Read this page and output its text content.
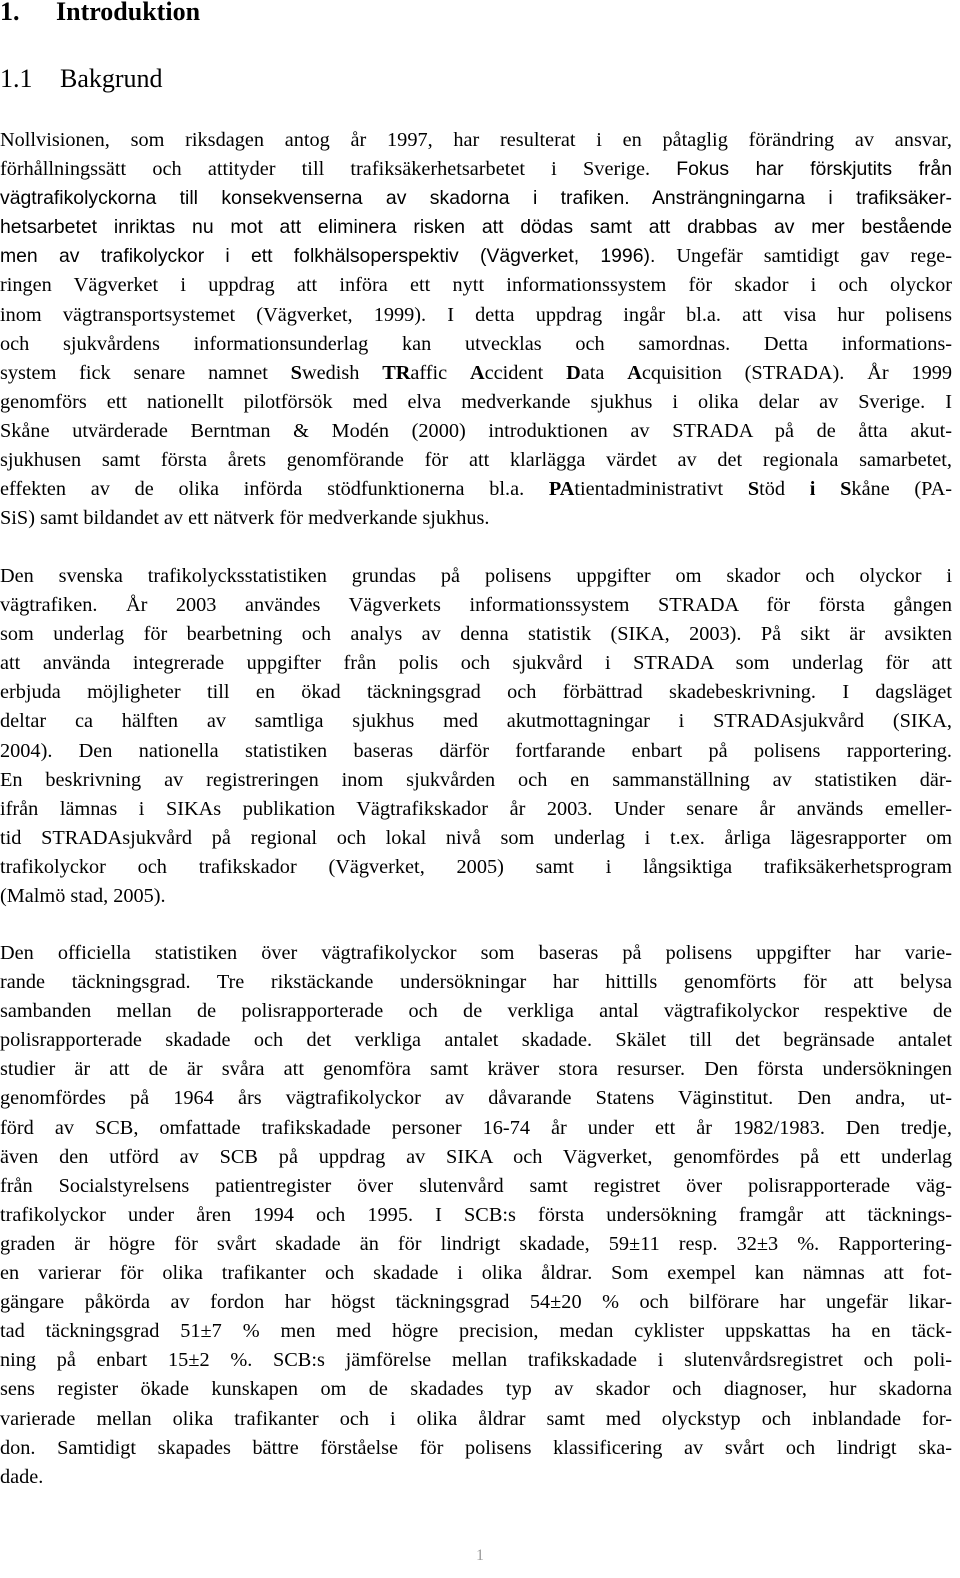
1. Introduktion
1.1 Bakgrund
Nollvisionen, som riksdagen antog år 1997, har resulterat i en påtaglig förändring av ansvar,
förhållningssätt och attityder till trafiksäkerhetsarbetet i Sverige. Fokus har förskjutits från
vägtrafikolyckorna till konsekvenserna av skadorna i trafiken. Ansträngningarna i trafiksäker-
hetsarbetet inriktas nu mot att eliminera risken att dödas samt att drabbas av mer bestående
men av trafikolyckor i ett folkhälsoperspektiv (Vägverket, 1996). Ungefär samtidigt gav rege-
ringen Vägverket i uppdrag att införa ett nytt informationssystem för skador i och olyckor
inom vägtransportsystemet (Vägverket, 1999). I detta uppdrag ingår bl.a. att visa hur polisens
och sjukvårdens informationsunderlag kan utvecklas och samordnas. Detta informations-
system fick senare namnet Swedish TRaffic Accident Data Acquisition (STRADA). År 1999
genomförs ett nationellt pilotförsök med elva medverkande sjukhus i olika delar av Sverige. I
Skåne utvärderade Berntman & Modén (2000) introduktionen av STRADA på de åtta akut-
sjukhusen samt första årets genomförande för att klarlägga värdet av det regionala samarbetet,
effekten av de olika införda stödfunktionerna bl.a. PAtientadministrativt Stöd i Skåne (PA-
SiS) samt bildandet av ett nätverk för medverkande sjukhus.
Den svenska trafikolycksstatistiken grundas på polisens uppgifter om skador och olyckor i
vägtrafiken. År 2003 användes Vägverkets informationssystem STRADA för första gången
som underlag för bearbetning och analys av denna statistik (SIKA, 2003). På sikt är avsikten
att använda integrerade uppgifter från polis och sjukvård i STRADA som underlag för att
erbjuda möjligheter till en ökad täckningsgrad och förbättrad skadebeskrivning. I dagsläget
deltar ca hälften av samtliga sjukhus med akutmottagningar i STRADAsjukvård (SIKA,
2004). Den nationella statistiken baseras därför fortfarande enbart på polisens rapportering.
En beskrivning av registreringen inom sjukvården och en sammanställning av statistiken där-
ifrån lämnas i SIKAs publikation Vägtrafikskador år 2003. Under senare år används emeller-
tid STRADAsjukvård på regional och lokal nivå som underlag i t.ex. årliga lägesrapporter om
trafikolyckor och trafikskador (Vägverket, 2005) samt i långsiktiga trafiksäkerhetsprogram
(Malmö stad, 2005).
Den officiella statistiken över vägtrafikolyckor som baseras på polisens uppgifter har varie-
rande täckningsgrad. Tre rikstäckande undersökningar har hittills genomförts för att belysa
sambanden mellan de polisrapporterade och de verkliga antal vägtrafikolyckor respektive de
polisrapporterade skadade och det verkliga antalet skadade. Skälet till det begränsade antalet
studier är att de är svåra att genomföra samt kräver stora resurser. Den första undersökningen
genomfördes på 1964 års vägtrafikolyckor av dåvarande Statens Väginstitut. Den andra, ut-
förd av SCB, omfattade trafikskadade personer 16-74 år under ett år 1982/1983. Den tredje,
även den utförd av SCB på uppdrag av SIKA och Vägverket, genomfördes på ett underlag
från Socialstyrelsens patientregister över slutenvård samt registret över polisrapporterade väg-
trafikolyckor under åren 1994 och 1995. I SCB:s första undersökning framgår att täcknings-
graden är högre för svårt skadade än för lindrigt skadade, 59±11 resp. 32±3 %. Rapportering-
en varierar för olika trafikanter och skadade i olika åldrar. Som exempel kan nämnas att fot-
gängare påkörda av fordon har högst täckningsgrad 54±20 % och bilförare har ungefär likar-
tad täckningsgrad 51±7 % men med högre precision, medan cyklister uppskattas ha en täck-
ning på enbart 15±2 %. SCB:s jämförelse mellan trafikskadade i slutenvårdsregistret och poli-
sens register ökade kunskapen om de skadades typ av skador och diagnoser, hur skadorna
varierade mellan olika trafikanter och i olika åldrar samt med olyckstyp och inblandade for-
don. Samtidigt skapades bättre förståelse för polisens klassificering av svårt och lindrigt ska-
dade.
1
